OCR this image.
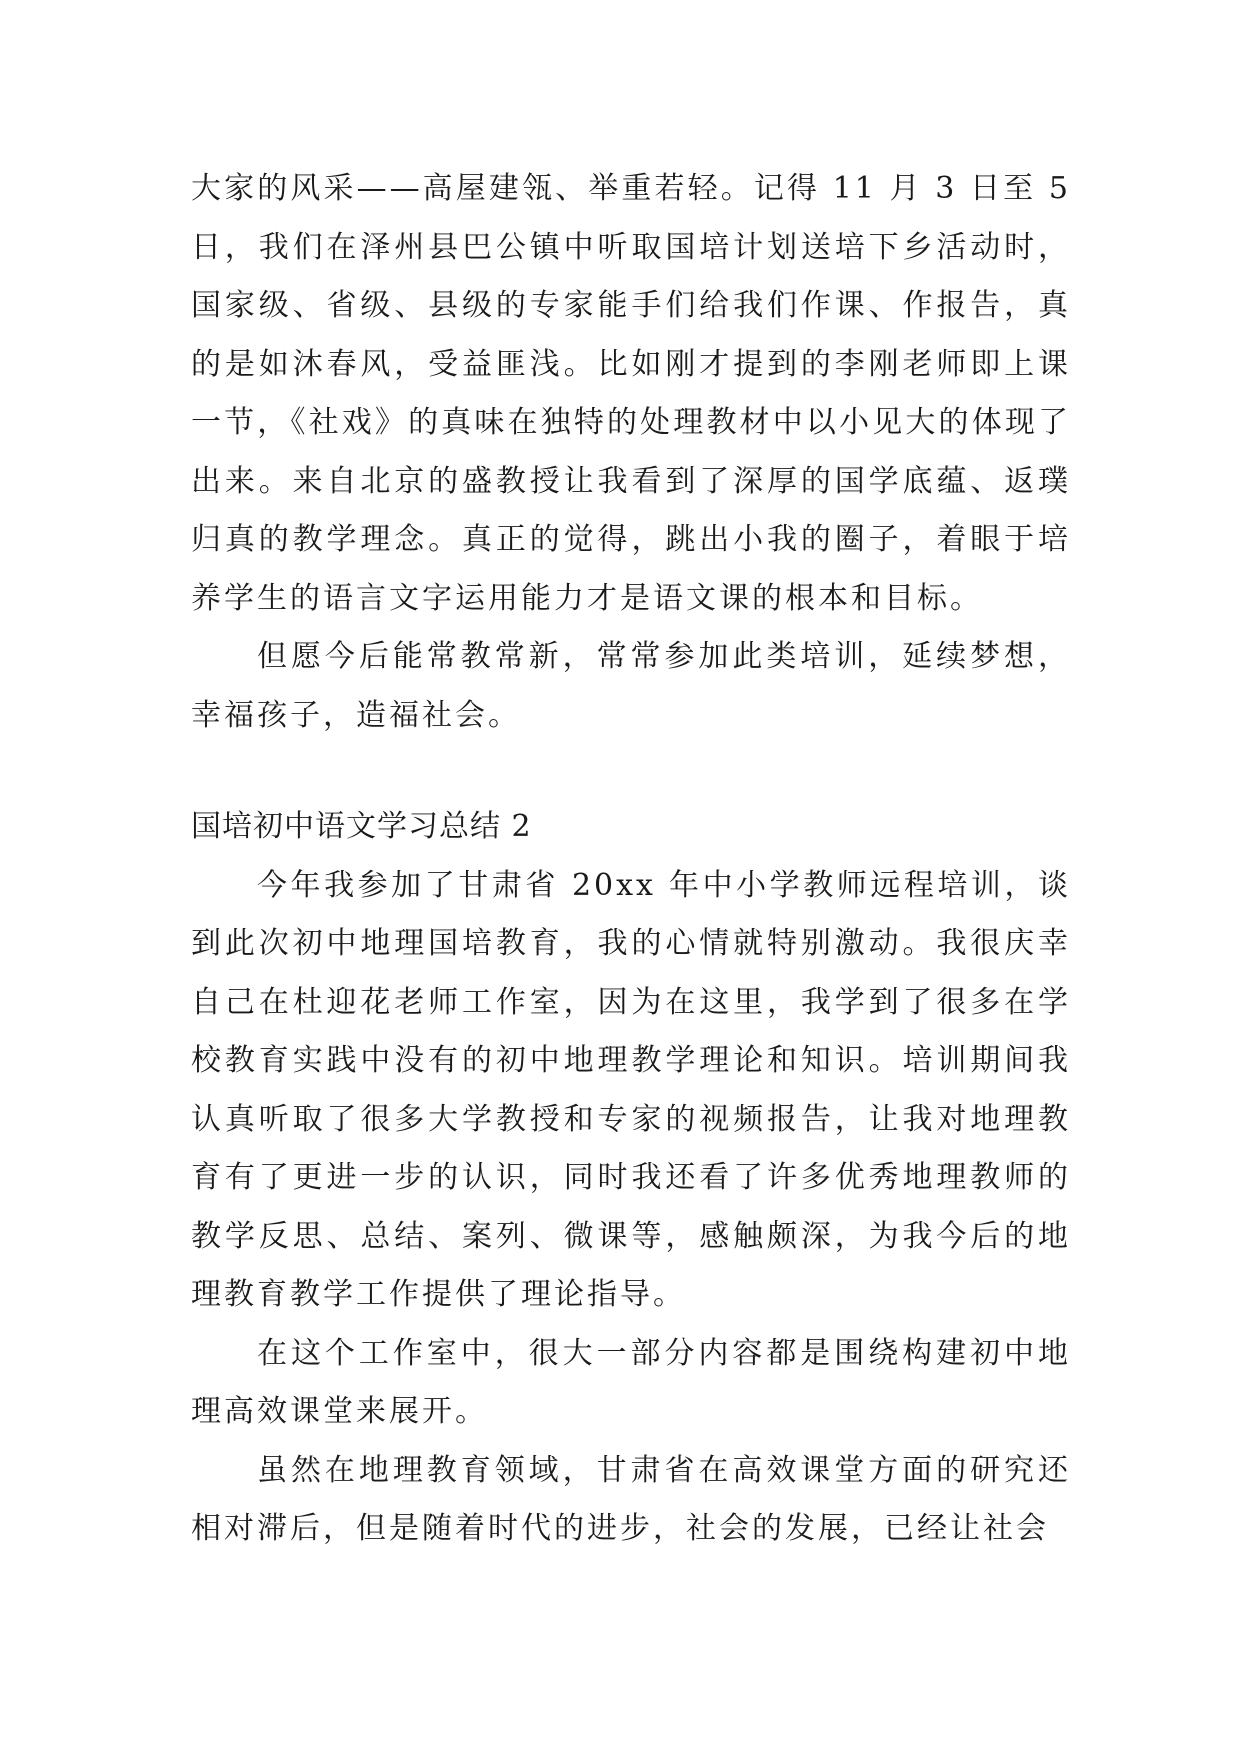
大家的风采——高屋建瓴、举重若轻。记得 11 月 3 日至 5 日，我们在泽州县巴公镇中听取国培计划送培下乡活动时，国家级、省级、县级的专家能手们给我们作课、作报告，真的是如沐春风，受益匪浅。比如刚才提到的李刚老师即上课一节，《社戏》的真味在独特的处理教材中以小见大的体现了出来。来自北京的盛教授让我看到了深厚的国学底蕴、返璞归真的教学理念。真正的觉得，跳出小我的圈子，着眼于培养学生的语言文字运用能力才是语文课的根本和目标。

但愿今后能常教常新，常常参加此类培训，延续梦想，幸福孩子，造福社会。

国培初中语文学习总结 2

今年我参加了甘肃省 20xx 年中小学教师远程培训，谈到此次初中地理国培教育，我的心情就特别激动。我很庆幸自己在杜迎花老师工作室，因为在这里，我学到了很多在学校教育实践中没有的初中地理教学理论和知识。培训期间我认真听取了很多大学教授和专家的视频报告，让我对地理教育有了更进一步的认识，同时我还看了许多优秀地理教师的教学反思、总结、案列、微课等，感触颇深，为我今后的地理教育教学工作提供了理论指导。

在这个工作室中，很大一部分内容都是围绕构建初中地理高效课堂来展开。

虽然在地理教育领域，甘肃省在高效课堂方面的研究还相对滞后，但是随着时代的进步，社会的发展，已经让社会
